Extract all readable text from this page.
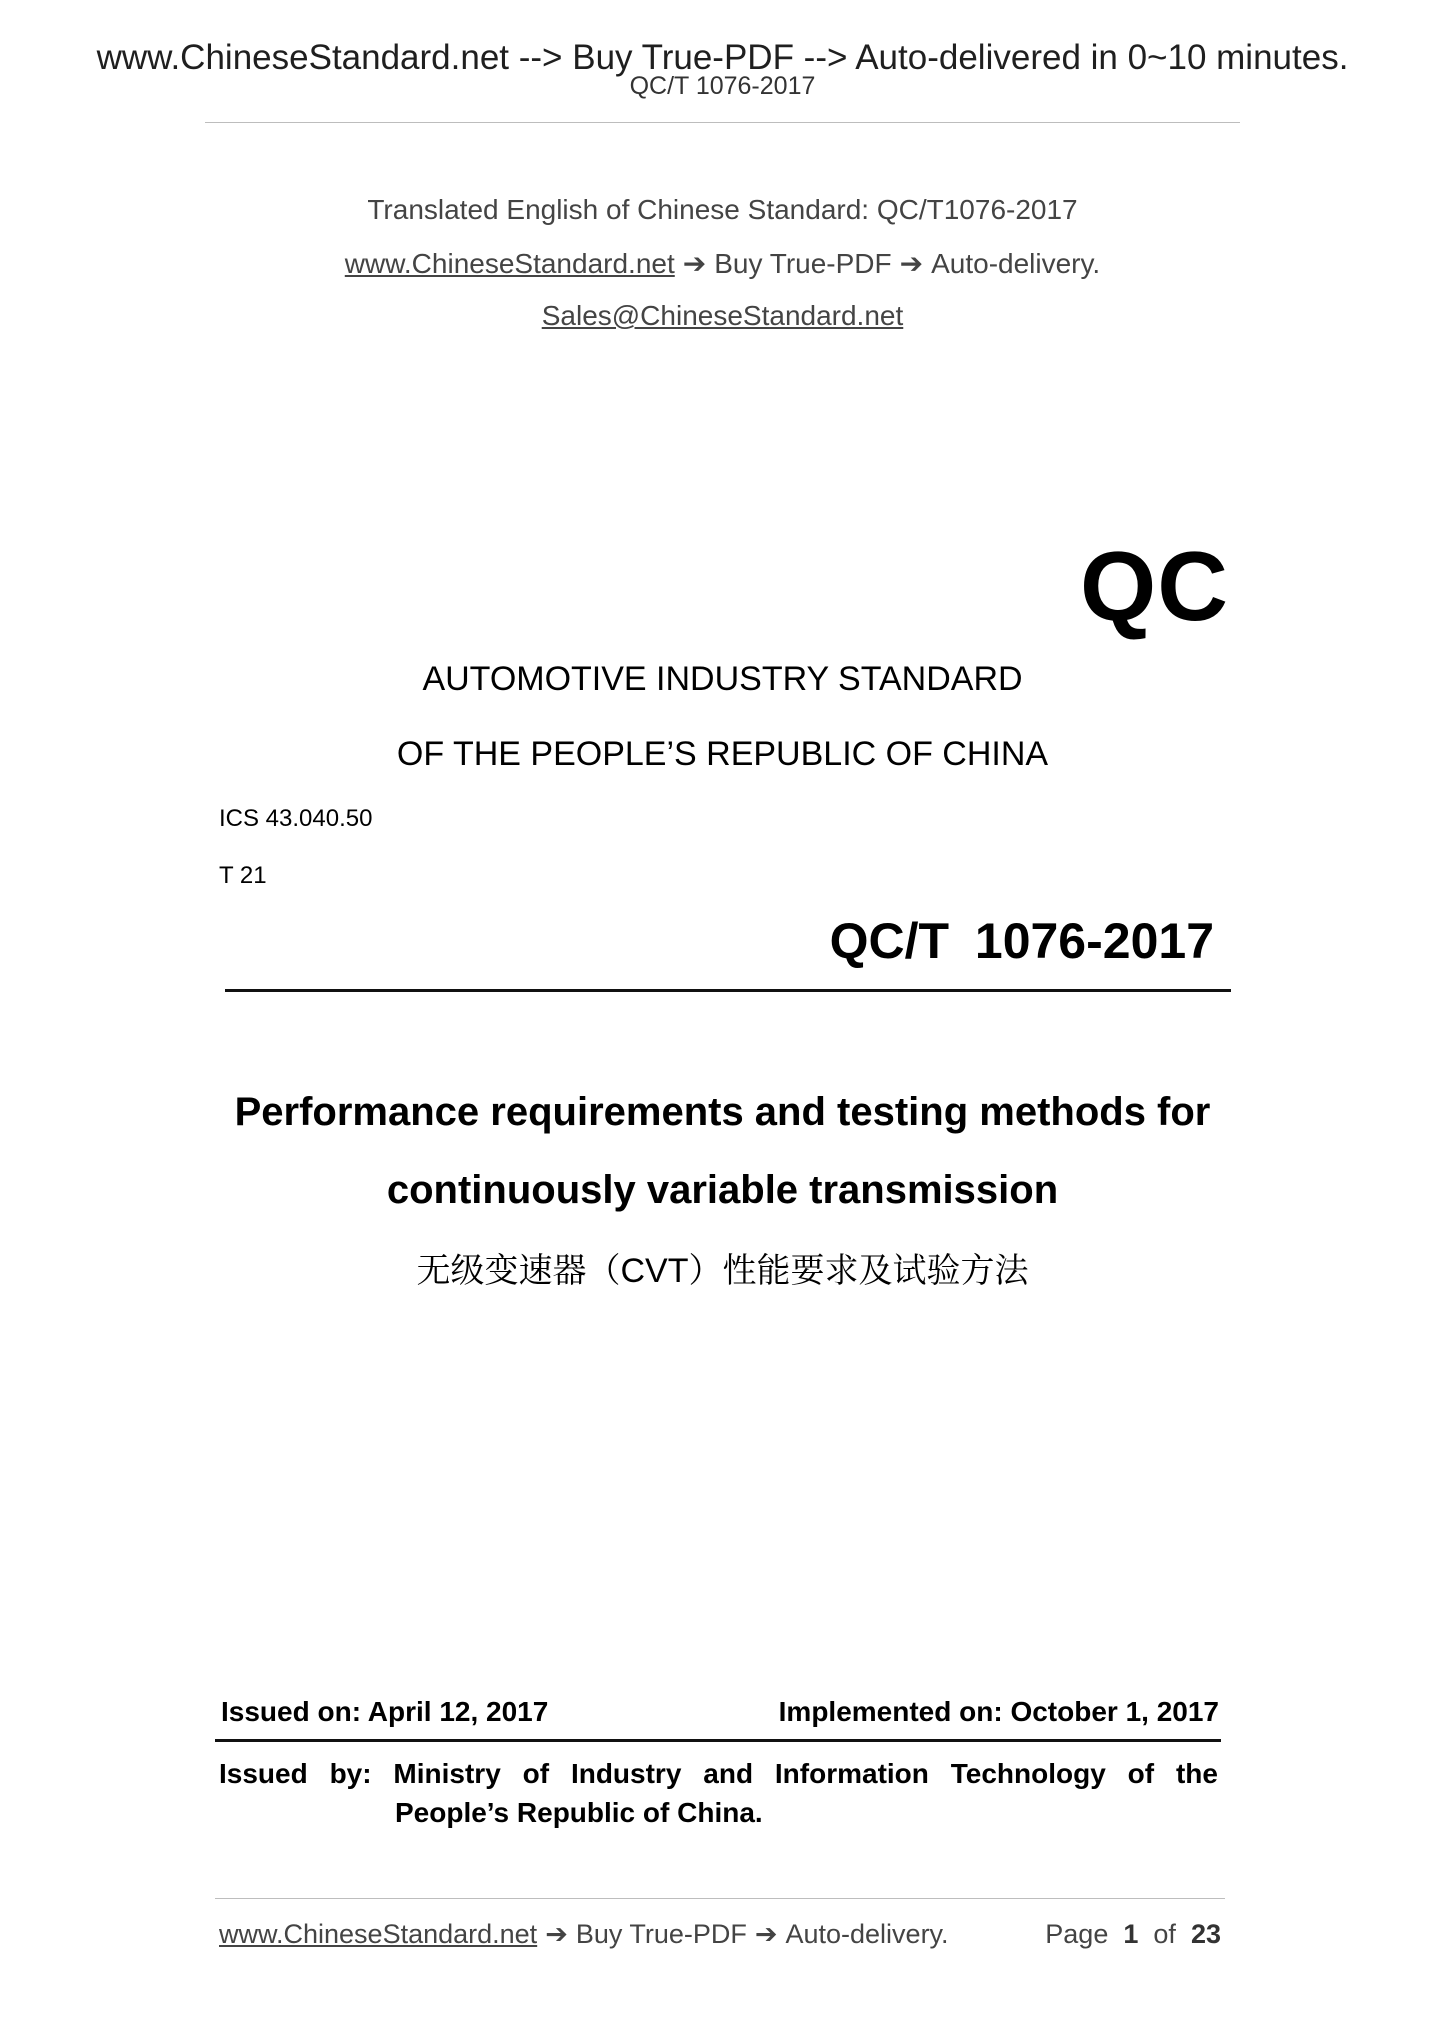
www.ChineseStandard.net --> Buy True-PDF --> Auto-delivered in 0~10 minutes.
QC/T 1076-2017
Translated English of Chinese Standard: QC/T1076-2017
www.ChineseStandard.net ➔ Buy True-PDF ➔ Auto-delivery.
Sales@ChineseStandard.net
QC
AUTOMOTIVE INDUSTRY STANDARD
OF THE PEOPLE’S REPUBLIC OF CHINA
ICS 43.040.50
T 21
QC/T 1076-2017
Performance requirements and testing methods for
continuously variable transmission
无级变速器（CVT）性能要求及试验方法
Issued on: April 12, 2017	Implemented on: October 1, 2017
Issued by: Ministry of Industry and Information Technology of the
People’s Republic of China.
www.ChineseStandard.net ➔ Buy True-PDF ➔ Auto-delivery.	Page 1 of 23
